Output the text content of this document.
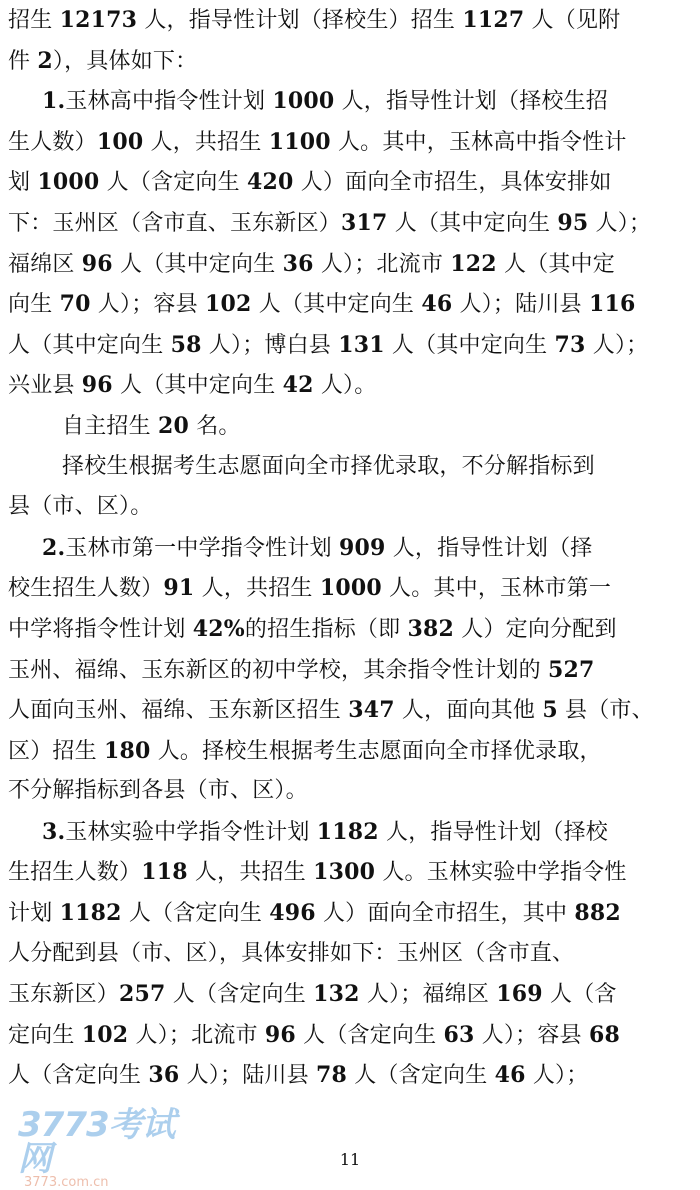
招生 12173 人，指导性计划（择校生）招生 1127 人（见附
件 2），具体如下：
1.玉林高中指令性计划 1000 人，指导性计划（择校生招
生人数）100 人，共招生 1100 人。其中，玉林高中指令性计
划 1000 人（含定向生 420 人）面向全市招生，具体安排如
下：玉州区（含市直、玉东新区）317 人（其中定向生 95 人）；
福绵区 96 人（其中定向生 36 人）；北流市 122 人（其中定
向生 70 人）；容县 102 人（其中定向生 46 人）；陆川县 116
人（其中定向生 58 人）；博白县 131 人（其中定向生 73 人）；
兴业县 96 人（其中定向生 42 人）。
自主招生 20 名。
择校生根据考生志愿面向全市择优录取，不分解指标到
县（市、区）。
2.玉林市第一中学指令性计划 909 人，指导性计划（择
校生招生人数）91 人，共招生 1000 人。其中，玉林市第一
中学将指令性计划 42%的招生指标（即 382 人）定向分配到
玉州、福绵、玉东新区的初中学校，其余指令性计划的 527
人面向玉州、福绵、玉东新区招生 347 人，面向其他 5 县（市、
区）招生 180 人。择校生根据考生志愿面向全市择优录取，
不分解指标到各县（市、区）。
3.玉林实验中学指令性计划 1182 人，指导性计划（择校
生招生人数）118 人，共招生 1300 人。玉林实验中学指令性
计划 1182 人（含定向生 496 人）面向全市招生，其中 882
人分配到县（市、区），具体安排如下：玉州区（含市直、
玉东新区）257 人（含定向生 132 人）；福绵区 169 人（含
定向生 102 人）；北流市 96 人（含定向生 63 人）；容县 68
人（含定向生 36 人）；陆川县 78 人（含定向生 46 人）；
3773考试网
3773.com.cn
11
